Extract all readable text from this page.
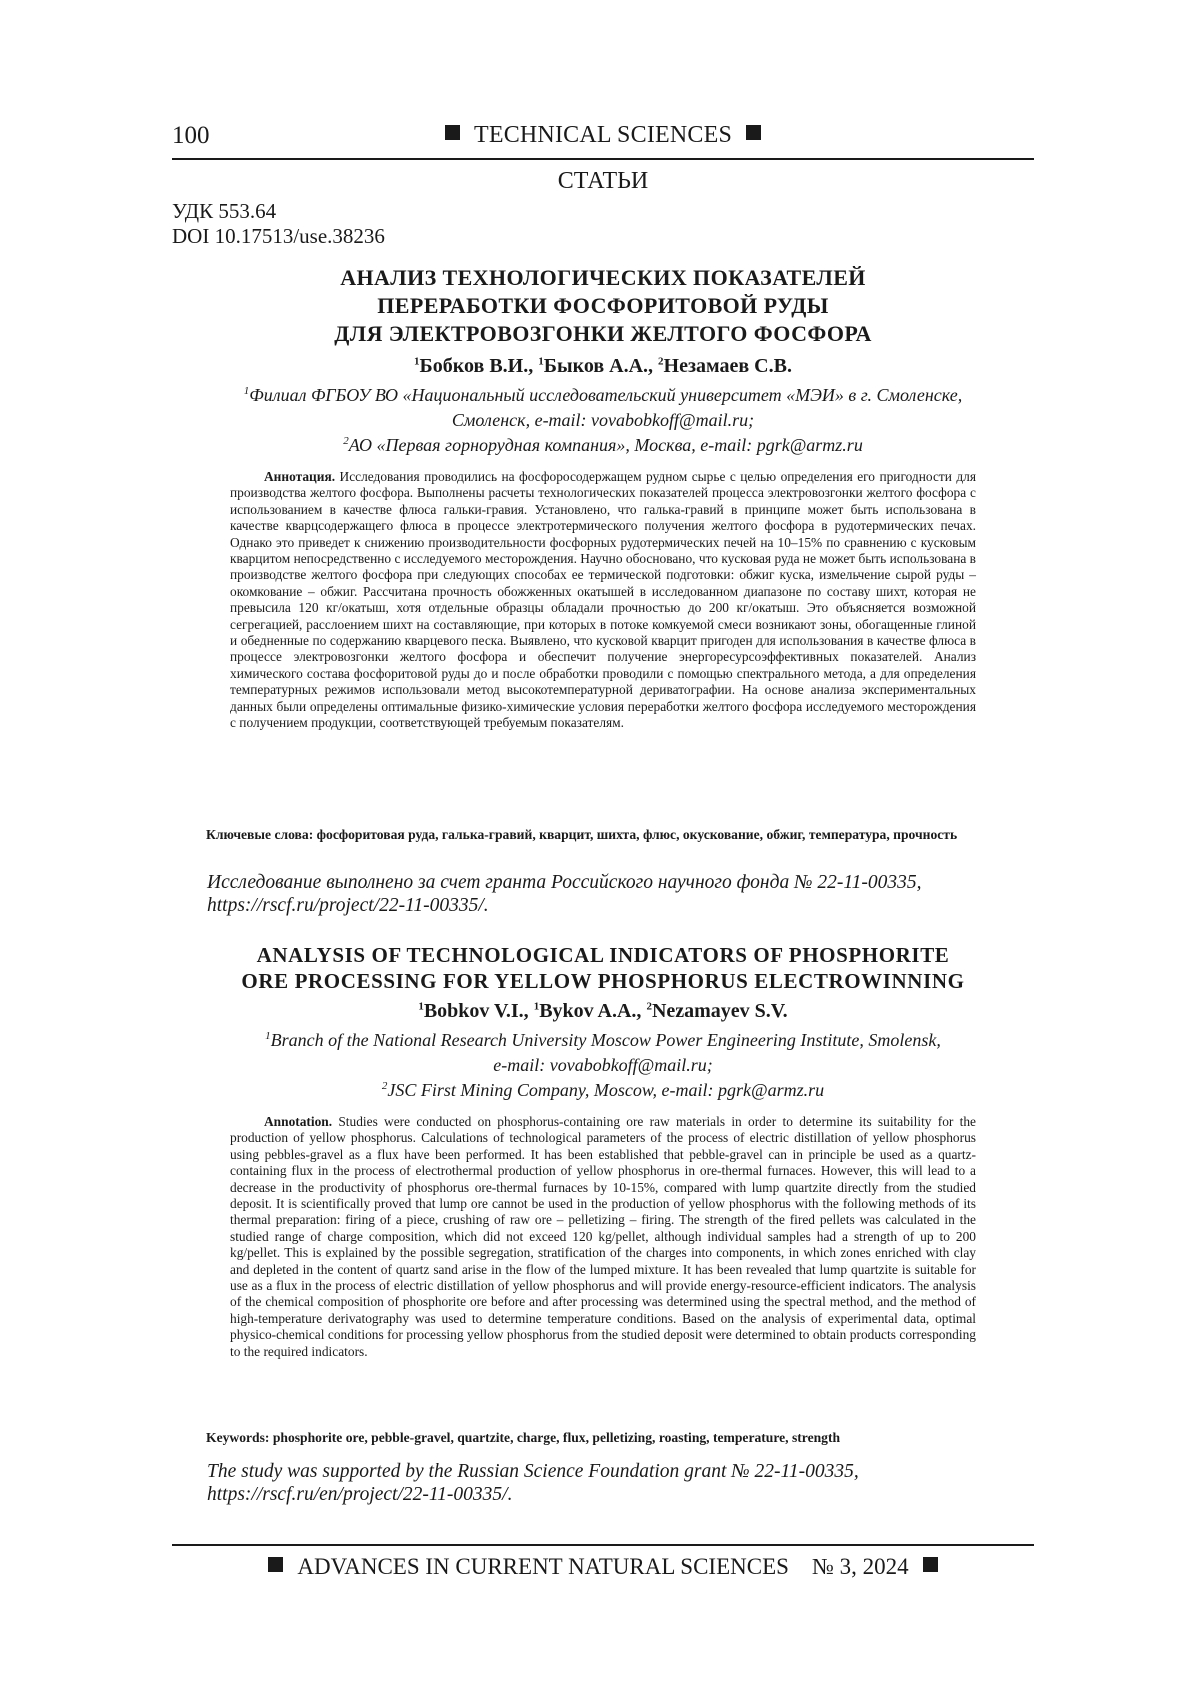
100	TECHNICAL SCIENCES
СТАТЬИ
УДК 553.64
DOI 10.17513/use.38236
АНАЛИЗ ТЕХНОЛОГИЧЕСКИХ ПОКАЗАТЕЛЕЙ
ПЕРЕРАБОТКИ ФОСФОРИТОВОЙ РУДЫ
ДЛЯ ЭЛЕКТРОВОЗГОНКИ ЖЕЛТОГО ФОСФОРА
1Бобков В.И., 1Быков А.А., 2Незамаев С.В.
1Филиал ФГБОУ ВО «Национальный исследовательский университет «МЭИ» в г. Смоленске,
Смоленск, e-mail: vovabobkoff@mail.ru;
2АО «Первая горнорудная компания», Москва, e-mail: pgrk@armz.ru

Аннотация. Исследования проводились на фосфоросодержащем рудном сырье с целью определения его пригодности для производства желтого фосфора. Выполнены расчеты технологических показателей процесса электровозгонки желтого фосфора с использованием в качестве флюса гальки-гравия. Установлено, что галька-гравий в принципе может быть использована в качестве кварцсодержащего флюса в процессе электротермического получения желтого фосфора в рудотермических печах. Однако это приведет к снижению производительности фосфорных рудотермических печей на 10–15% по сравнению с кусковым кварцитом непосредственно с исследуемого месторождения. Научно обосновано, что кусковая руда не может быть использована в производстве желтого фосфора при следующих способах ее термической подготовки: обжиг куска, измельчение сырой руды – окомкование – обжиг. Рассчитана прочность обожженных окатышей в исследованном диапазоне по составу шихт, которая не превысила 120 кг/окатыш, хотя отдельные образцы обладали прочностью до 200 кг/окатыш. Это объясняется возможной сегрегацией, расслоением шихт на составляющие, при которых в потоке комкуемой смеси возникают зоны, обогащенные глиной и обедненные по содержанию кварцевого песка. Выявлено, что кусковой кварцит пригоден для использования в качестве флюса в процессе электровозгонки желтого фосфора и обеспечит получение энергоресурсоэффективных показателей. Анализ химического состава фосфоритовой руды до и после обработки проводили с помощью спектрального метода, а для определения температурных режимов использовали метод высокотемпературной дериватографии. На основе анализа экспериментальных данных были определены оптимальные физико-химические условия переработки желтого фосфора исследуемого месторождения с получением продукции, соответствующей требуемым показателям.

Ключевые слова: фосфоритовая руда, галька-гравий, кварцит, шихта, флюс, окускование, обжиг, температура, прочность
Исследование выполнено за счет гранта Российского научного фонда № 22-11-00335,
https://rscf.ru/project/22-11-00335/.
ANALYSIS OF TECHNOLOGICAL INDICATORS OF PHOSPHORITE
ORE PROCESSING FOR YELLOW PHOSPHORUS ELECTROWINNING
1Bobkov V.I., 1Bykov A.A., 2Nezamayev S.V.
1Branch of the National Research University Moscow Power Engineering Institute, Smolensk,
e-mail: vovabobkoff@mail.ru;
2JSC First Mining Company, Moscow, e-mail: pgrk@armz.ru

Annotation. Studies were conducted on phosphorus-containing ore raw materials in order to determine its suitability for the production of yellow phosphorus. Calculations of technological parameters of the process of electric distillation of yellow phosphorus using pebbles-gravel as a flux have been performed. It has been established that pebble-gravel can in principle be used as a quartz-containing flux in the process of electrothermal production of yellow phosphorus in ore-thermal furnaces. However, this will lead to a decrease in the productivity of phosphorus ore-thermal furnaces by 10-15%, compared with lump quartzite directly from the studied deposit. It is scientifically proved that lump ore cannot be used in the production of yellow phosphorus with the following methods of its thermal preparation: firing of a piece, crushing of raw ore – pelletizing – firing. The strength of the fired pellets was calculated in the studied range of charge composition, which did not exceed 120 kg/pellet, although individual samples had a strength of up to 200 kg/pellet. This is explained by the possible segregation, stratification of the charges into components, in which zones enriched with clay and depleted in the content of quartz sand arise in the flow of the lumped mixture. It has been revealed that lump quartzite is suitable for use as a flux in the process of electric distillation of yellow phosphorus and will provide energy-resource-efficient indicators. The analysis of the chemical composition of phosphorite ore before and after processing was determined using the spectral method, and the method of high-temperature derivatography was used to determine temperature conditions. Based on the analysis of experimental data, optimal physico-chemical conditions for processing yellow phosphorus from the studied deposit were determined to obtain products corresponding to the required indicators.

Keywords: phosphorite ore, pebble-gravel, quartzite, charge, flux, pelletizing, roasting, temperature, strength
The study was supported by the Russian Science Foundation grant № 22-11-00335,
https://rscf.ru/en/project/22-11-00335/.
ADVANCES IN CURRENT NATURAL SCIENCES № 3, 2024
